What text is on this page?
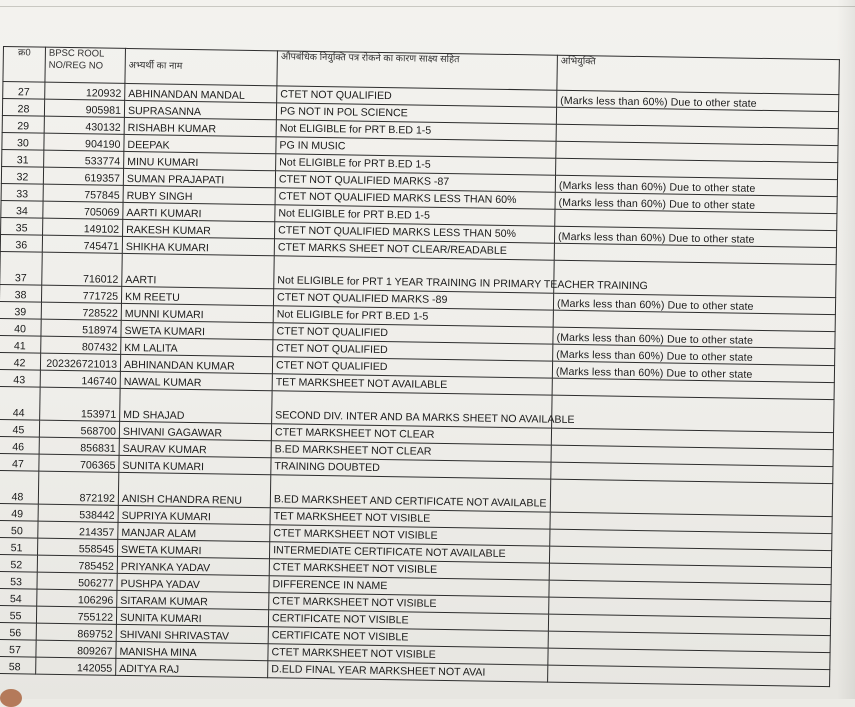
क्र0	BPSC ROOL NO/REG NO	अभ्यर्थी का नाम	औपबंधिक नियुक्ति पत्र रोकने का कारण साक्ष्य सहित	अभियुक्ति
27	120932	ABHINANDAN MANDAL	CTET NOT QUALIFIED	(Marks less than 60%) Due to other state
28	905981	SUPRASANNA	PG NOT IN POL SCIENCE	
29	430132	RISHABH KUMAR	Not ELIGIBLE for PRT B.ED 1-5	
30	904190	DEEPAK	PG IN MUSIC	
31	533774	MINU KUMARI	Not ELIGIBLE for PRT B.ED 1-5	
32	619357	SUMAN PRAJAPATI	CTET NOT QUALIFIED MARKS -87	(Marks less than 60%) Due to other state
33	757845	RUBY SINGH	CTET NOT QUALIFIED MARKS LESS THAN 60%	(Marks less than 60%) Due to other state
34	705069	AARTI KUMARI	Not ELIGIBLE for PRT B.ED 1-5	
35	149102	RAKESH KUMAR	CTET NOT QUALIFIED MARKS LESS THAN 50%	(Marks less than 60%) Due to other state
36	745471	SHIKHA KUMARI	CTET MARKS SHEET NOT CLEAR/READABLE	
37	716012	AARTI	Not ELIGIBLE for PRT 1 YEAR TRAINING IN PRIMARY TEACHER TRAINING	
38	771725	KM REETU	CTET NOT QUALIFIED MARKS -89	(Marks less than 60%) Due to other state
39	728522	MUNNI KUMARI	Not ELIGIBLE for PRT B.ED 1-5	
40	518974	SWETA KUMARI	CTET NOT QUALIFIED	(Marks less than 60%) Due to other state
41	807432	KM LALITA	CTET NOT QUALIFIED	(Marks less than 60%) Due to other state
42	202326721013	ABHINANDAN KUMAR	CTET NOT QUALIFIED	(Marks less than 60%) Due to other state
43	146740	NAWAL KUMAR	TET MARKSHEET NOT AVAILABLE	
44	153971	MD SHAJAD	SECOND DIV. INTER AND BA MARKS SHEET NO AVAILABLE	
45	568700	SHIVANI GAGAWAR	CTET MARKSHEET NOT CLEAR	
46	856831	SAURAV KUMAR	B.ED MARKSHEET NOT CLEAR	
47	706365	SUNITA KUMARI	TRAINING DOUBTED	
48	872192	ANISH CHANDRA RENU	B.ED MARKSHEET AND CERTIFICATE NOT AVAILABLE	
49	538442	SUPRIYA KUMARI	TET MARKSHEET NOT VISIBLE	
50	214357	MANJAR ALAM	CTET MARKSHEET NOT VISIBLE	
51	558545	SWETA KUMARI	INTERMEDIATE CERTIFICATE NOT AVAILABLE	
52	785452	PRIYANKA YADAV	CTET MARKSHEET NOT VISIBLE	
53	506277	PUSHPA YADAV	DIFFERENCE IN NAME	
54	106296	SITARAM KUMAR	CTET MARKSHEET NOT VISIBLE	
55	755122	SUNITA KUMARI	CERTIFICATE NOT VISIBLE	
56	869752	SHIVANI SHRIVASTAV	CERTIFICATE NOT VISIBLE	
57	809267	MANISHA MINA	CTET MARKSHEET NOT VISIBLE	
58	142055	ADITYA RAJ	D.ELD FINAL YEAR MARKSHEET NOT AVAI	
